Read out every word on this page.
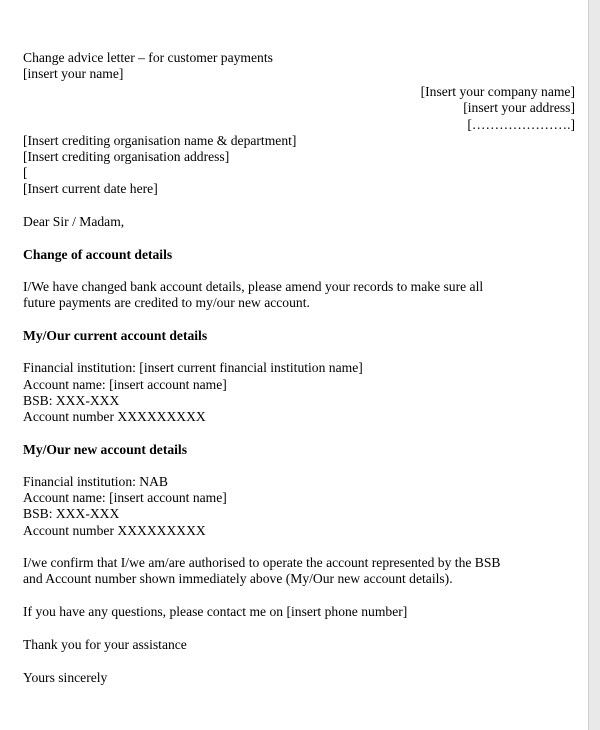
Change advice letter – for customer payments
[insert your name]
[Insert your company name]
[insert your address]
[………………….]
[Insert crediting organisation name & department]
[Insert crediting organisation address]
[
[Insert current date here]
Dear Sir / Madam,
Change of account details
I/We have changed bank account details, please amend your records to make sure all
future payments are credited to my/our new account.
My/Our current account details
Financial institution: [insert current financial institution name]
Account name: [insert account name]
BSB: XXX-XXX
Account number XXXXXXXXX
My/Our new account details
Financial institution: NAB
Account name: [insert account name]
BSB: XXX-XXX
Account number XXXXXXXXX
I/we confirm that I/we am/are authorised to operate the account represented by the BSB
and Account number shown immediately above (My/Our new account details).
If you have any questions, please contact me on [insert phone number]
Thank you for your assistance
Yours sincerely
